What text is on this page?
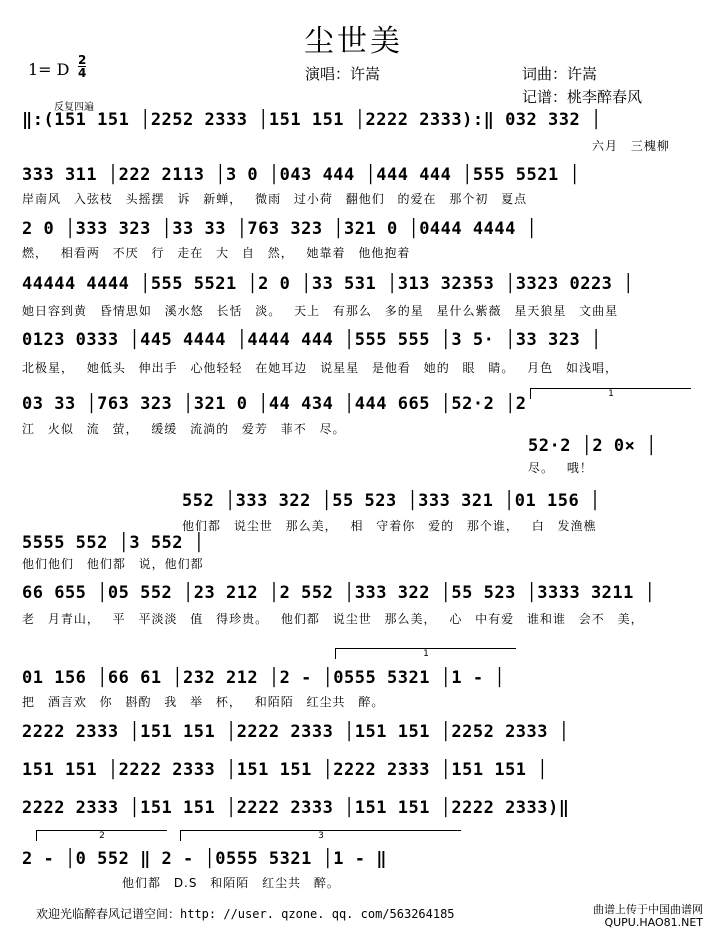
尘世美
1= D 2
4	演唱：许嵩	词曲：许嵩
记谱：桃李醉春风
反复四遍
‖:(151 151 │2252 2333 │151 151 │2222 2333):‖ 032 332 │
六月 三槐柳
333 311 │222 2113 │3 0 │043 444 │444 444 │555 5521 │
岸南风 入弦枝 头摇摆 诉 新蝉， 微雨 过小荷 翻他们 的爱在 那个初 夏点
2 0 │333 323 │33 33 │763 323 │321 0 │0444 4444 │
燃， 相看两 不厌 行 走在 大 自 然， 她靠着 他他抱着
44444 4444 │555 5521 │2 0 │33 531 │313 32353 │3323 0223 │
她日容到黄 昏情思如 溪水悠 长恬 淡。 天上 有那么 多的星 星什么紫薇 星天狼星 文曲星
0123 0333 │445 4444 │4444 444 │555 555 │3 5· │33 323 │
北极星， 她低头 伸出手 心他轻轻 在她耳边 说星星 是他看 她的 眼 睛。 月色 如浅唱，
1
03 33 │763 323 │321 0 │44 434 │444 665 │52·2 │2
江 火似 流 萤， 缓缓 流淌的 爱芳 菲不 尽。
52·2 │2 0× │
尽。 哦！
552 │333 322 │55 523 │333 321 │01 156 │
他们都 说尘世 那么美， 相 守着你 爱的 那个谁， 白 发渔樵
5555 552 │3 552 │
他们他们 他们都 说，他们都
66 655 │05 552 │23 212 │2 552 │333 322 │55 523 │3333 3211 │
老 月青山， 平 平淡淡 值 得珍贵。 他们都 说尘世 那么美， 心 中有爱 谁和谁 会不 美，
1
01 156 │66 61 │232 212 │2 - │0555 5321 │1 - │
把 酒言欢 你 斟酌 我 举 杯， 和陌陌 红尘共 醉。
2222 2333 │151 151 │2222 2333 │151 151 │2252 2333 │
151 151 │2222 2333 │151 151 │2222 2333 │151 151 │
2222 2333 │151 151 │2222 2333 │151 151 │2222 2333)‖
2	3
2 - │0 552 ‖ 2 - │0555 5321 │1 - ‖
他们都 D.S 和陌陌 红尘共 醉。
欢迎光临醉春风记谱空间：http: //user. qzone. qq. com/563264185	曲谱上传于中国曲谱网
QUPU.HAO81.NET
